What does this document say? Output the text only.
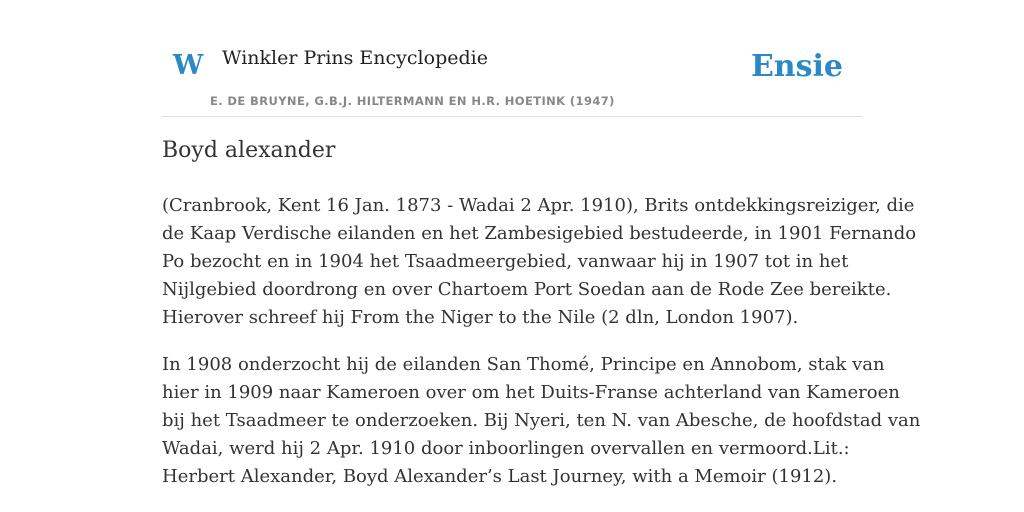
W Winkler Prins Encyclopedie
E. DE BRUYNE, G.B.J. HILTERMANN EN H.R. HOETINK (1947)
Ensie
Boyd alexander

(Cranbrook, Kent 16 Jan. 1873 - Wadai 2 Apr. 1910), Brits ontdekkingsreiziger, die
de Kaap Verdische eilanden en het Zambesigebied bestudeerde, in 1901 Fernando
Po bezocht en in 1904 het Tsaadmeergebied, vanwaar hij in 1907 tot in het
Nijlgebied doordrong en over Chartoem Port Soedan aan de Rode Zee bereikte.
Hierover schreef hij From the Niger to the Nile (2 dln, London 1907).

In 1908 onderzocht hij de eilanden San Thomé, Principe en Annobom, stak van
hier in 1909 naar Kameroen over om het Duits-Franse achterland van Kameroen
bij het Tsaadmeer te onderzoeken. Bij Nyeri, ten N. van Abesche, de hoofdstad van
Wadai, werd hij 2 Apr. 1910 door inboorlingen overvallen en vermoord.Lit.:
Herbert Alexander, Boyd Alexander’s Last Journey, with a Memoir (1912).
